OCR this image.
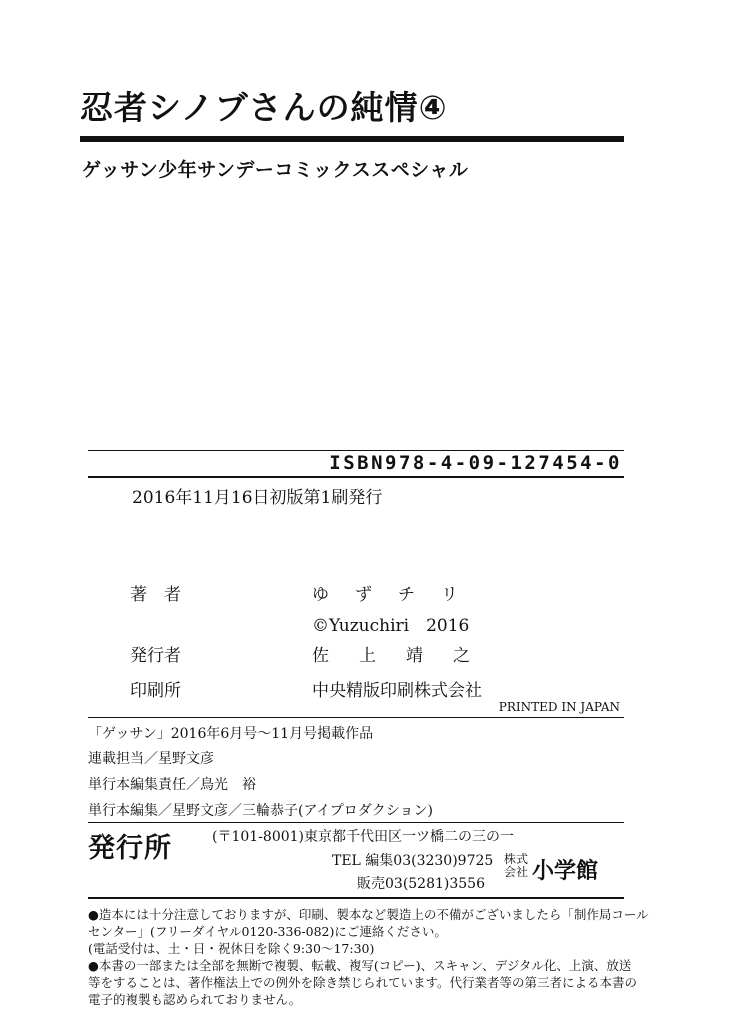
忍者シノブさんの純情④
ゲッサン少年サンデーコミックススペシャル
ISBN978-4-09-127454-0
2016年11月16日初版第1刷発行
著　者	ゆずチリ
©Yuzuchiri　2016
発行者	佐上靖之
印刷所	中央精版印刷株式会社
PRINTED IN JAPAN
「ゲッサン」2016年6月号～11月号掲載作品
連載担当／星野文彦
単行本編集責任／鳥光　裕
単行本編集／星野文彦／三輪恭子(アイプロダクション)
発行所	(〒101-8001)東京都千代田区一ツ橋二の三の一
TEL 編集03(3230)9725
販売03(5281)3556
株式会社 小学館
●造本には十分注意しておりますが、印刷、製本など製造上の不備がございましたら「制作局コール
センター」(フリーダイヤル0120-336-082)にご連絡ください。
(電話受付は、土・日・祝休日を除く9:30～17:30)
●本書の一部または全部を無断で複製、転載、複写(コピー)、スキャン、デジタル化、上演、放送
等をすることは、著作権法上での例外を除き禁じられています。代行業者等の第三者による本書の
電子的複製も認められておりません。
